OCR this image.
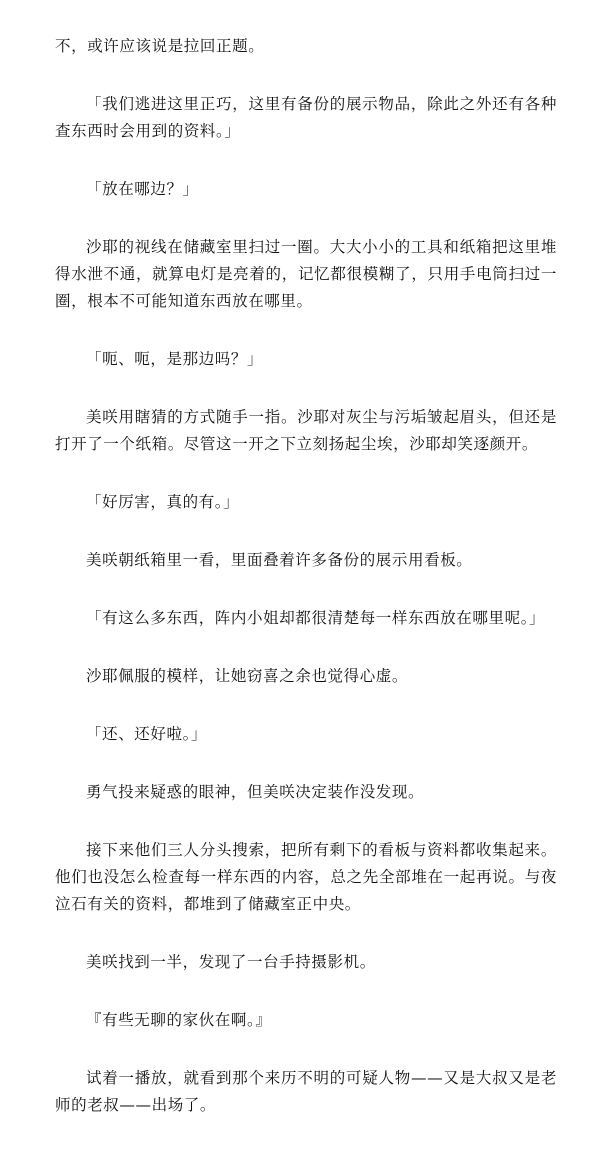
不，或许应该说是拉回正题。

「我们逃进这里正巧，这里有备份的展示物品，除此之外还有各种查东西时会用到的资料。」

「放在哪边？」

沙耶的视线在储藏室里扫过一圈。大大小小的工具和纸箱把这里堆得水泄不通，就算电灯是亮着的，记忆都很模糊了，只用手电筒扫过一圈，根本不可能知道东西放在哪里。

「呃、呃，是那边吗？」

美咲用瞎猜的方式随手一指。沙耶对灰尘与污垢皱起眉头，但还是打开了一个纸箱。尽管这一开之下立刻扬起尘埃，沙耶却笑逐颜开。

「好厉害，真的有。」

美咲朝纸箱里一看，里面叠着许多备份的展示用看板。

「有这么多东西，阵内小姐却都很清楚每一样东西放在哪里呢。」

沙耶佩服的模样，让她窃喜之余也觉得心虚。

「还、还好啦。」

勇气投来疑惑的眼神，但美咲决定装作没发现。

接下来他们三人分头搜索，把所有剩下的看板与资料都收集起来。他们也没怎么检查每一样东西的内容，总之先全部堆在一起再说。与夜泣石有关的资料，都堆到了储藏室正中央。

美咲找到一半，发现了一台手持摄影机。

『有些无聊的家伙在啊。』

试着一播放，就看到那个来历不明的可疑人物——又是大叔又是老师的老叔——出场了。
